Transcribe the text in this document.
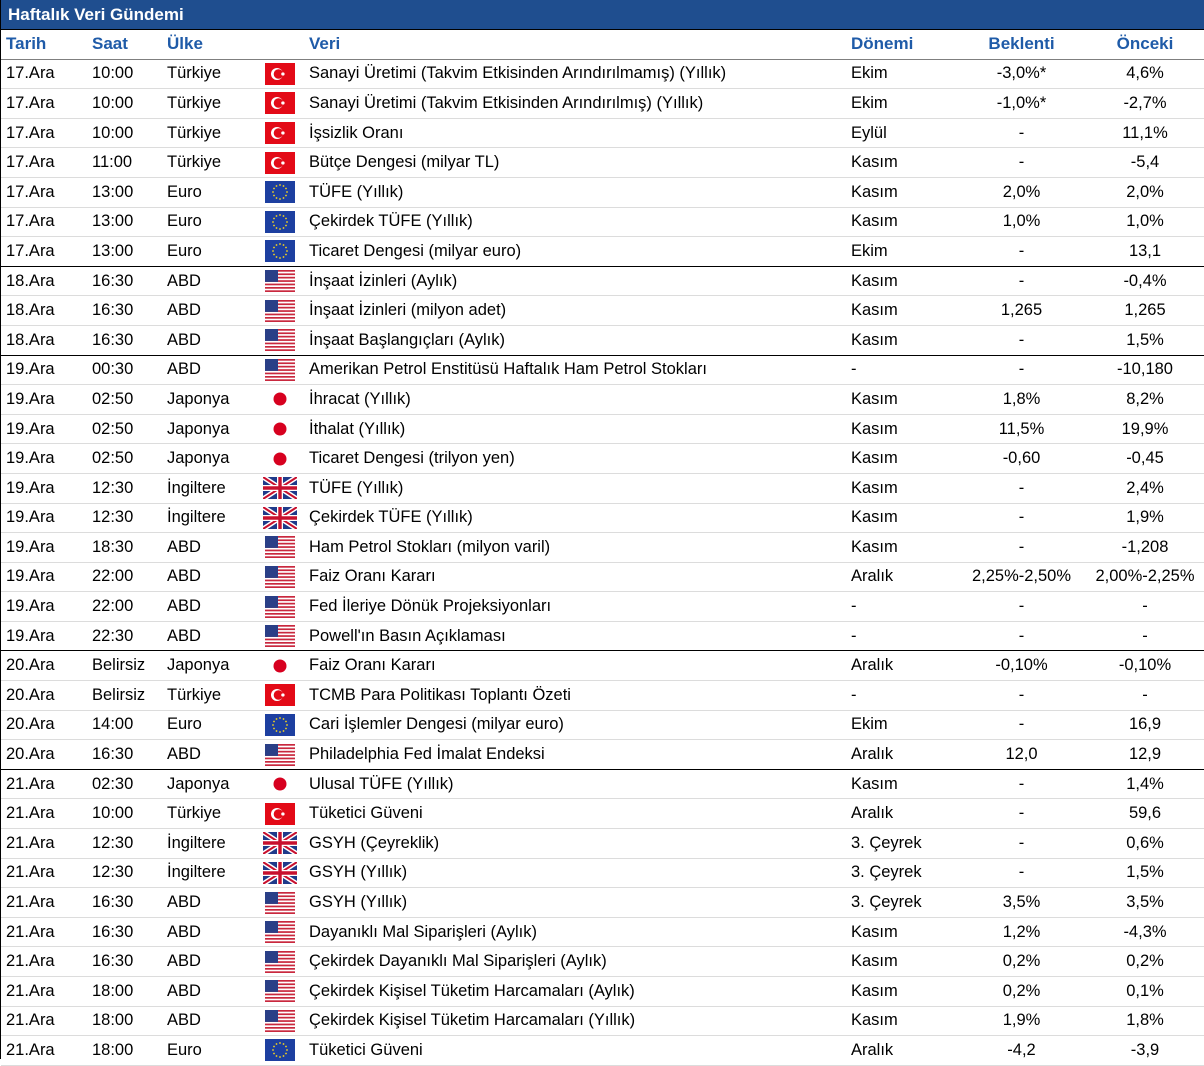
Haftalık Veri Gündemi
Tarih	Saat	Ülke	Veri	Dönemi	Beklenti	Önceki
17.Ara	10:00	Türkiye	Sanayi Üretimi (Takvim Etkisinden Arındırılmamış) (Yıllık)	Ekim	-3,0%*	4,6%
17.Ara	10:00	Türkiye	Sanayi Üretimi (Takvim Etkisinden Arındırılmış) (Yıllık)	Ekim	-1,0%*	-2,7%
17.Ara	10:00	Türkiye	İşsizlik Oranı	Eylül	-	11,1%
17.Ara	11:00	Türkiye	Bütçe Dengesi (milyar TL)	Kasım	-	-5,4
17.Ara	13:00	Euro	TÜFE (Yıllık)	Kasım	2,0%	2,0%
17.Ara	13:00	Euro	Çekirdek TÜFE (Yıllık)	Kasım	1,0%	1,0%
17.Ara	13:00	Euro	Ticaret Dengesi (milyar euro)	Ekim	-	13,1
18.Ara	16:30	ABD	İnşaat İzinleri (Aylık)	Kasım	-	-0,4%
18.Ara	16:30	ABD	İnşaat İzinleri (milyon adet)	Kasım	1,265	1,265
18.Ara	16:30	ABD	İnşaat Başlangıçları (Aylık)	Kasım	-	1,5%
19.Ara	00:30	ABD	Amerikan Petrol Enstitüsü Haftalık Ham Petrol Stokları	-	-	-10,180
19.Ara	02:50	Japonya	İhracat (Yıllık)	Kasım	1,8%	8,2%
19.Ara	02:50	Japonya	İthalat (Yıllık)	Kasım	11,5%	19,9%
19.Ara	02:50	Japonya	Ticaret Dengesi (trilyon yen)	Kasım	-0,60	-0,45
19.Ara	12:30	İngiltere	TÜFE (Yıllık)	Kasım	-	2,4%
19.Ara	12:30	İngiltere	Çekirdek TÜFE (Yıllık)	Kasım	-	1,9%
19.Ara	18:30	ABD	Ham Petrol Stokları (milyon varil)	Kasım	-	-1,208
19.Ara	22:00	ABD	Faiz Oranı Kararı	Aralık	2,25%-2,50%	2,00%-2,25%
19.Ara	22:00	ABD	Fed İleriye Dönük Projeksiyonları	-	-	-
19.Ara	22:30	ABD	Powell'ın Basın Açıklaması	-	-	-
20.Ara	Belirsiz	Japonya	Faiz Oranı Kararı	Aralık	-0,10%	-0,10%
20.Ara	Belirsiz	Türkiye	TCMB Para Politikası Toplantı Özeti	-	-	-
20.Ara	14:00	Euro	Cari İşlemler Dengesi (milyar euro)	Ekim	-	16,9
20.Ara	16:30	ABD	Philadelphia Fed İmalat Endeksi	Aralık	12,0	12,9
21.Ara	02:30	Japonya	Ulusal TÜFE (Yıllık)	Kasım	-	1,4%
21.Ara	10:00	Türkiye	Tüketici Güveni	Aralık	-	59,6
21.Ara	12:30	İngiltere	GSYH (Çeyreklik)	3. Çeyrek	-	0,6%
21.Ara	12:30	İngiltere	GSYH (Yıllık)	3. Çeyrek	-	1,5%
21.Ara	16:30	ABD	GSYH (Yıllık)	3. Çeyrek	3,5%	3,5%
21.Ara	16:30	ABD	Dayanıklı Mal Siparişleri (Aylık)	Kasım	1,2%	-4,3%
21.Ara	16:30	ABD	Çekirdek Dayanıklı Mal Siparişleri (Aylık)	Kasım	0,2%	0,2%
21.Ara	18:00	ABD	Çekirdek Kişisel Tüketim Harcamaları (Aylık)	Kasım	0,2%	0,1%
21.Ara	18:00	ABD	Çekirdek Kişisel Tüketim Harcamaları (Yıllık)	Kasım	1,9%	1,8%
21.Ara	18:00	Euro	Tüketici Güveni	Aralık	-4,2	-3,9
